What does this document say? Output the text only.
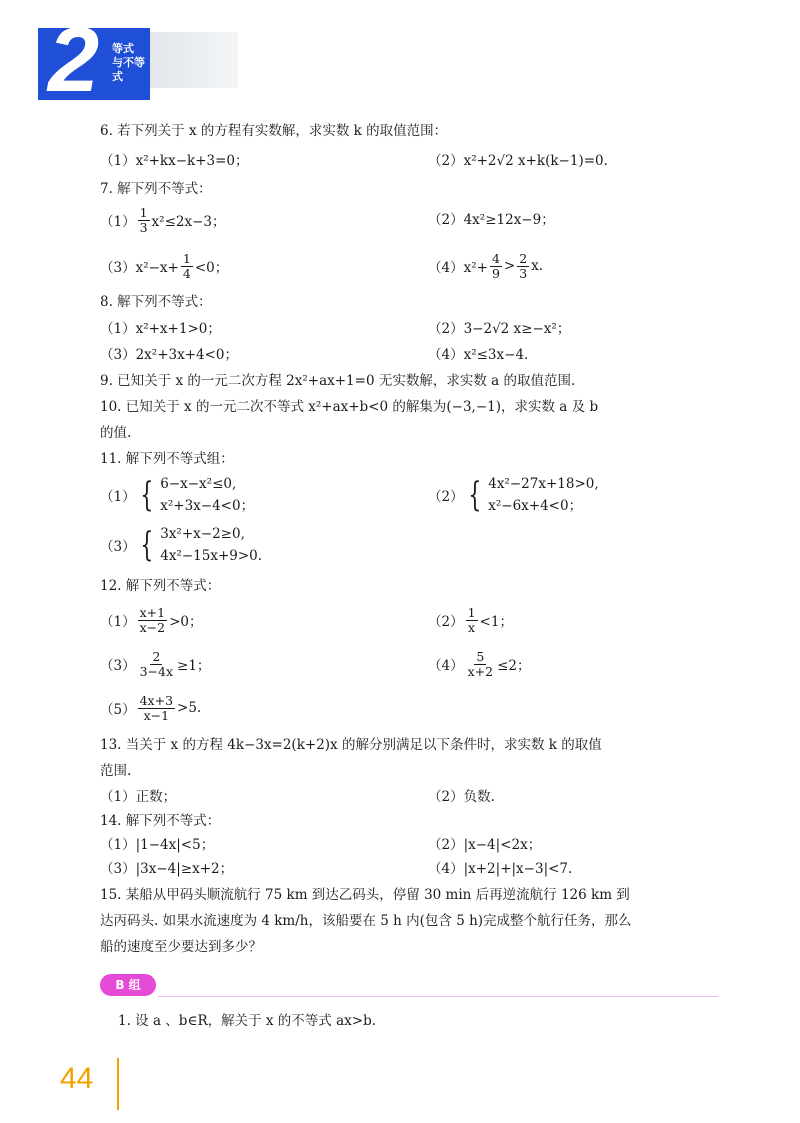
2 等式
与不等式
6. 若下列关于 x 的方程有实数解，求实数 k 的取值范围：
（1）x²+kx−k+3=0；	（2）x²+2√2 x+k(k−1)=0.
7. 解下列不等式：
$(1) \frac{1}{3} x^2\le 2x-3$；	（2）4x²≥12x−9；
$(3)x^2-x+ \frac{1}{4} <0$；	$(4)x^2+ \frac{4}{9} > \frac{2}{3} x$.
8. 解下列不等式：
（1）x²+x+1>0；	（2）3−2√2 x≥−x²；
（3）2x²+3x+4<0；	（4）x²≤3x−4.
9. 已知关于 x 的一元二次方程 2x²+ax+1=0 无实数解，求实数 a 的取值范围.
10. 已知关于 x 的一元二次不等式 x²+ax+b<0 的解集为(−3,−1)，求实数 a 及 b
的值.
11. 解下列不等式组：
（1） { 6−x−x²≤0,
x²+3x−4<0；
（2） { 4x²−27x+18>0,
x²−6x+4<0；
（3） { 3x²+x−2≥0,
4x²−15x+9>0.
12. 解下列不等式：
$(1) \frac{x+1}{x-2} >0$；	$(2) \frac{1}{x} <1$；
$(3) \frac{2}{3-4x} \ge 1$；	$(4) \frac{5}{x+2} \le 2$；
$(5) \frac{4x+3}{x-1} >5$.
13. 当关于 x 的方程 4k−3x=2(k+2)x 的解分别满足以下条件时，求实数 k 的取值
范围.
（1）正数；	（2）负数.
14. 解下列不等式：
（1）|1−4x|<5；	（2）|x−4|<2x；
（3）|3x−4|≥x+2；	（4）|x+2|+|x−3|<7.
15. 某船从甲码头顺流航行 75 km 到达乙码头，停留 30 min 后再逆流航行 126 km 到
达丙码头. 如果水流速度为 4 km/h，该船要在 5 h 内(包含 5 h)完成整个航行任务，那么
船的速度至少要达到多少？
B 组
1. 设 a 、b∈R，解关于 x 的不等式 ax>b.
44
